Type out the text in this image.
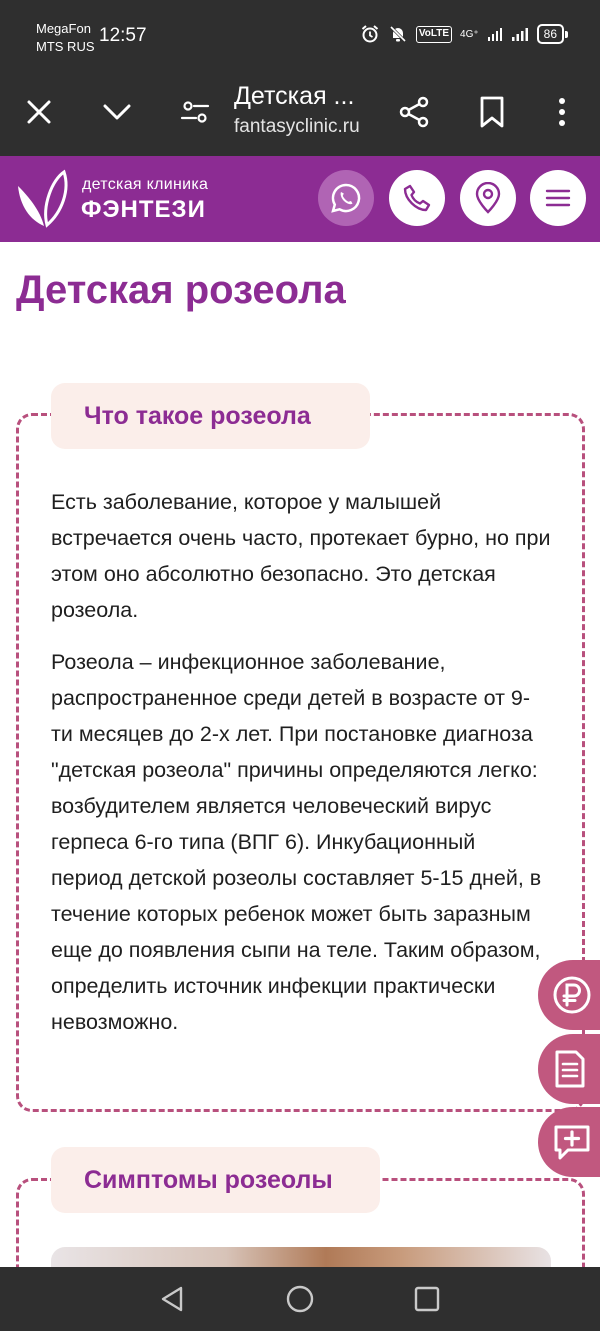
MegaFon
MTS RUS
12:57	VoLTE	4G⁺	86
Детская ...
fantasyclinic.ru
детская клиника
ФЭНТЕЗИ
Детская розеола
Что такое розеола

Есть заболевание, которое у малышей встречается очень часто, протекает бурно, но при этом оно абсолютно безопасно. Это детская розеола.

Розеола – инфекционное заболевание, распространенное среди детей в возрасте от 9-ти месяцев до 2-х лет. При постановке диагноза "детская розеола" причины определяются легко: возбудителем является человеческий вирус герпеса 6-го типа (ВПГ 6). Инкубационный период детской розеолы составляет 5-15 дней, в течение которых ребенок может быть заразным еще до появления сыпи на теле. Таким образом, определить источник инфекции практически невозможно.

Симптомы розеолы
